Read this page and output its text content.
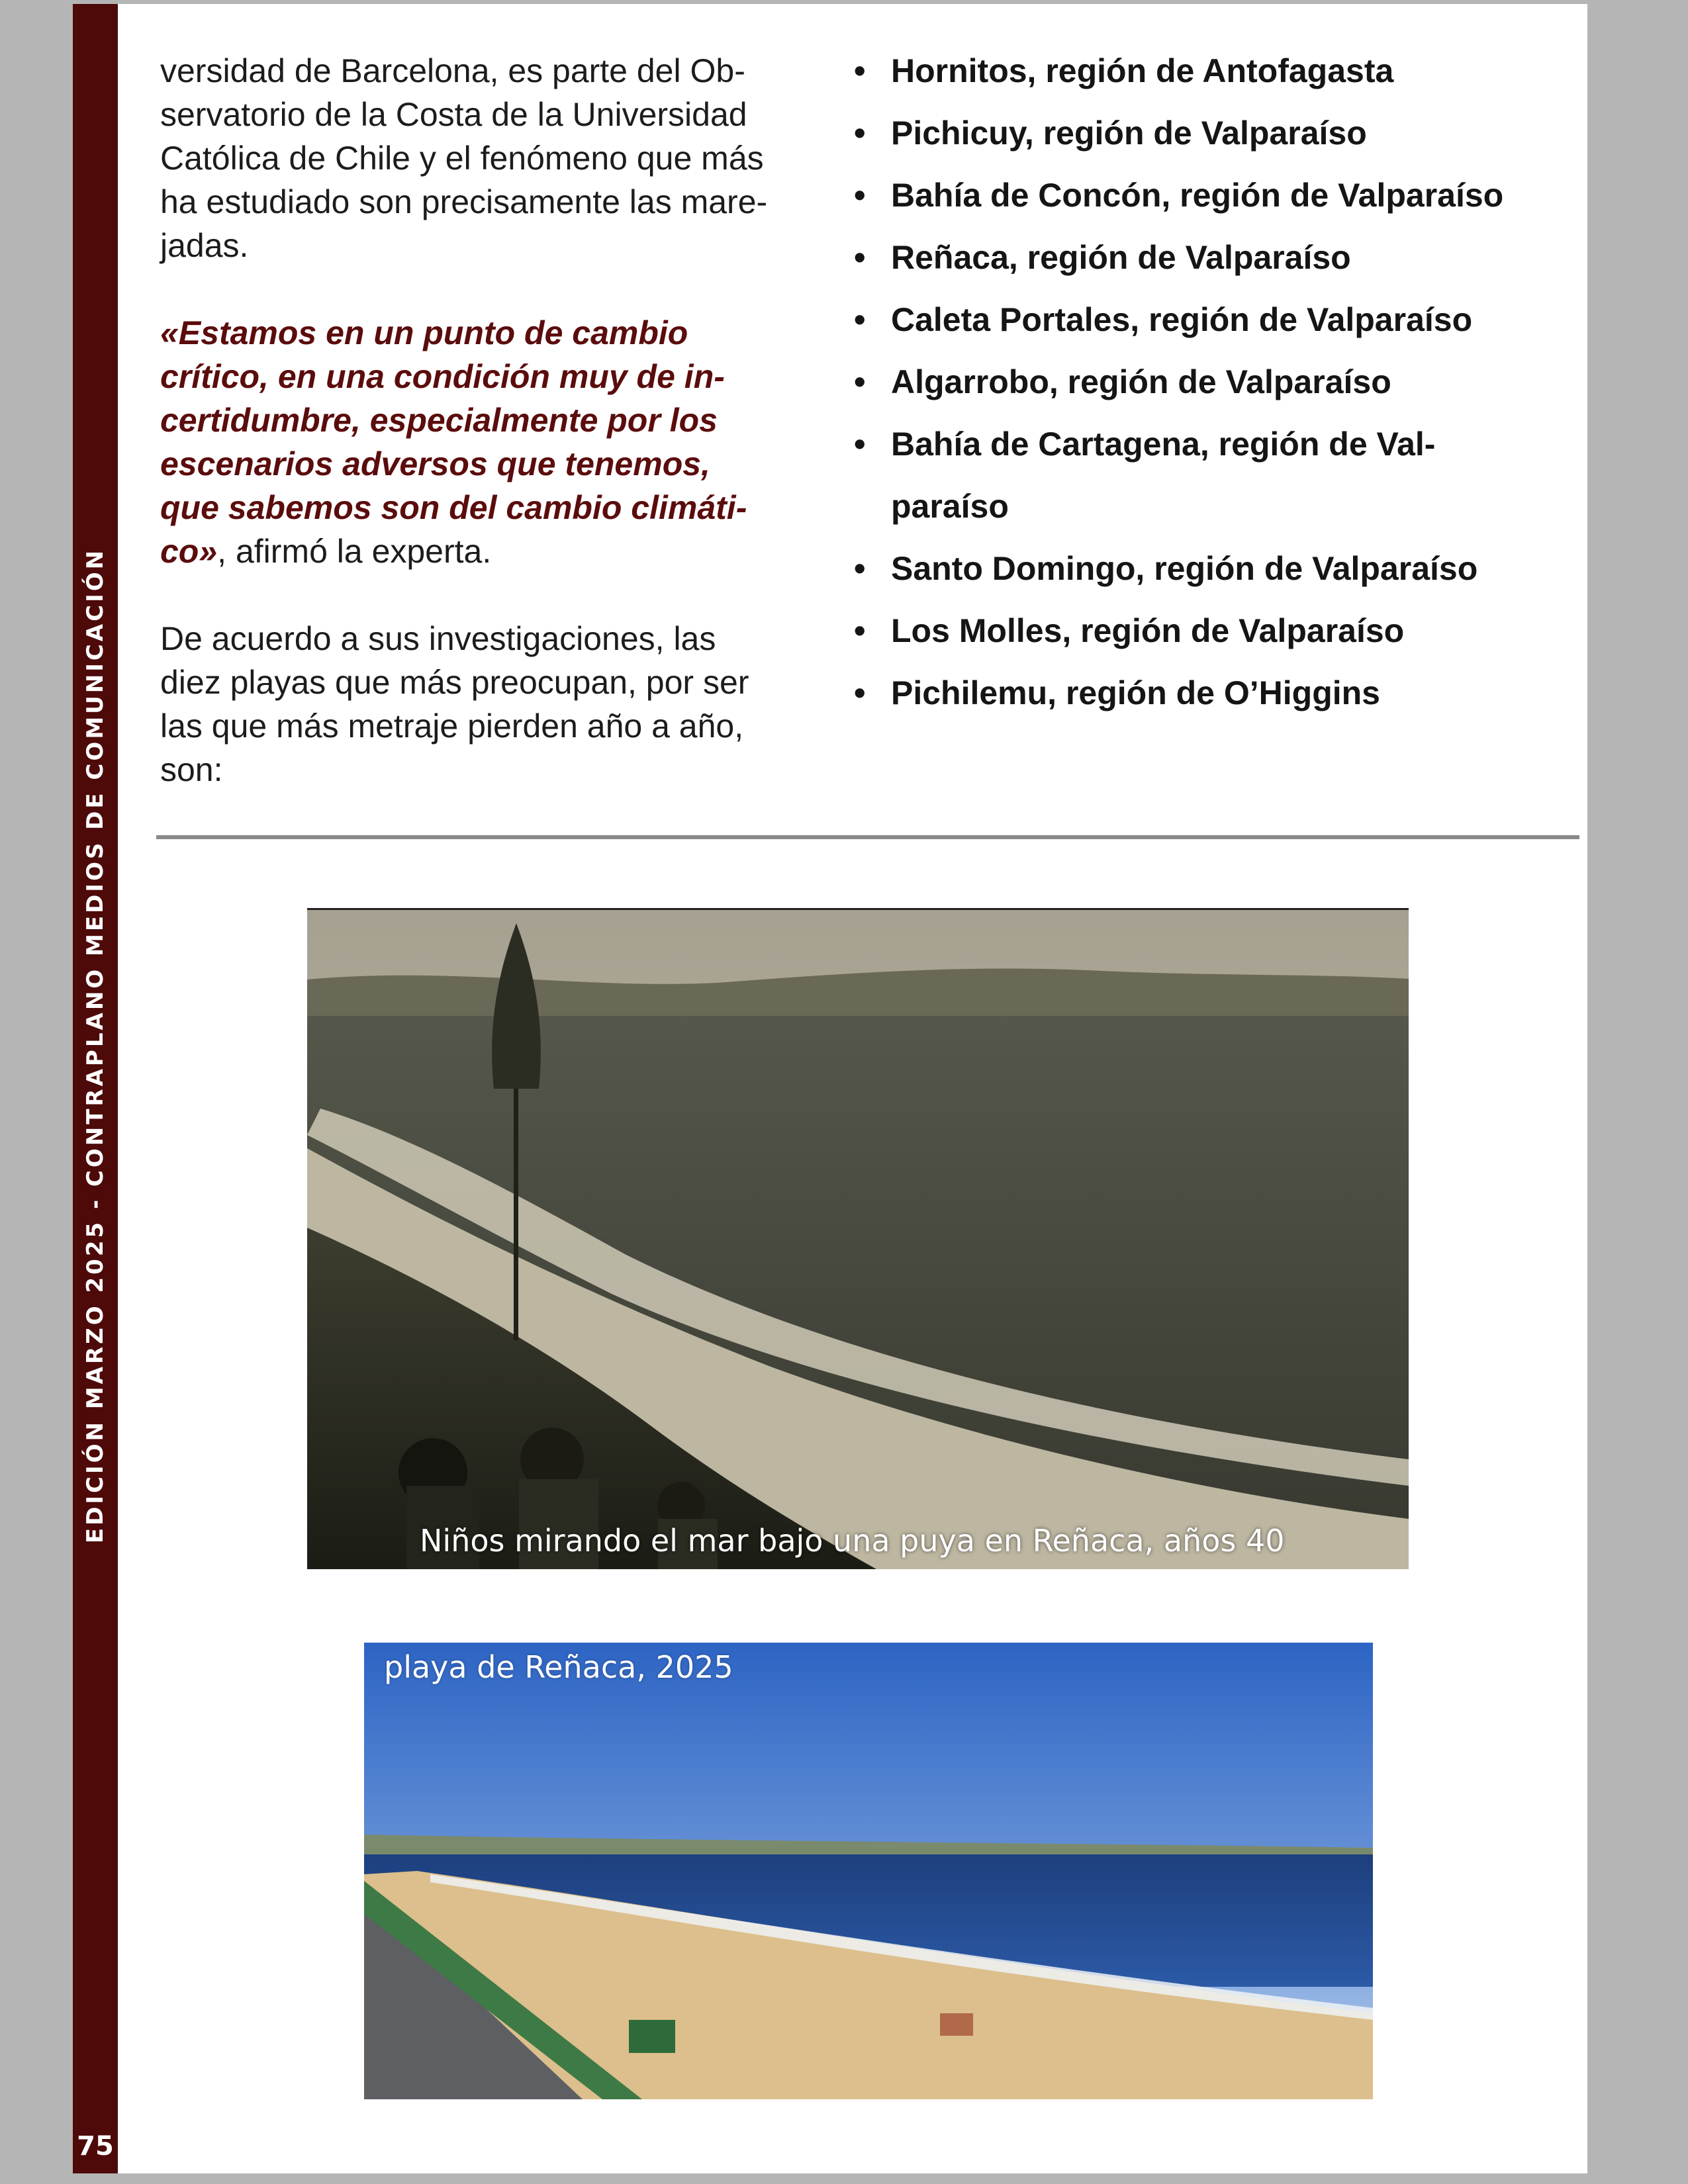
EDICIÓN MARZO 2025 - CONTRAPLANO MEDIOS DE COMUNICACIÓN
75

versidad de Barcelona, es parte del Ob-
servatorio de la Costa de la Universidad
Católica de Chile y el fenómeno que más
ha estudiado son precisamente las mare-
jadas.

«Estamos en un punto de cambio
crítico, en una condición muy de in-
certidumbre, especialmente por los
escenarios adversos que tenemos,
que sabemos son del cambio climáti-
co», afirmó la experta.

De acuerdo a sus investigaciones, las
diez playas que más preocupan, por ser
las que más metraje pierden año a año,
son:

• Hornitos, región de Antofagasta
• Pichicuy, región de Valparaíso
• Bahía de Concón, región de Valparaíso
• Reñaca, región de Valparaíso
• Caleta Portales, región de Valparaíso
• Algarrobo, región de Valparaíso
• Bahía de Cartagena, región de Val-
paraíso
• Santo Domingo, región de Valparaíso
• Los Molles, región de Valparaíso
• Pichilemu, región de O’Higgins
Niños mirando el mar bajo una puya en Reñaca, años 40
playa de Reñaca, 2025
